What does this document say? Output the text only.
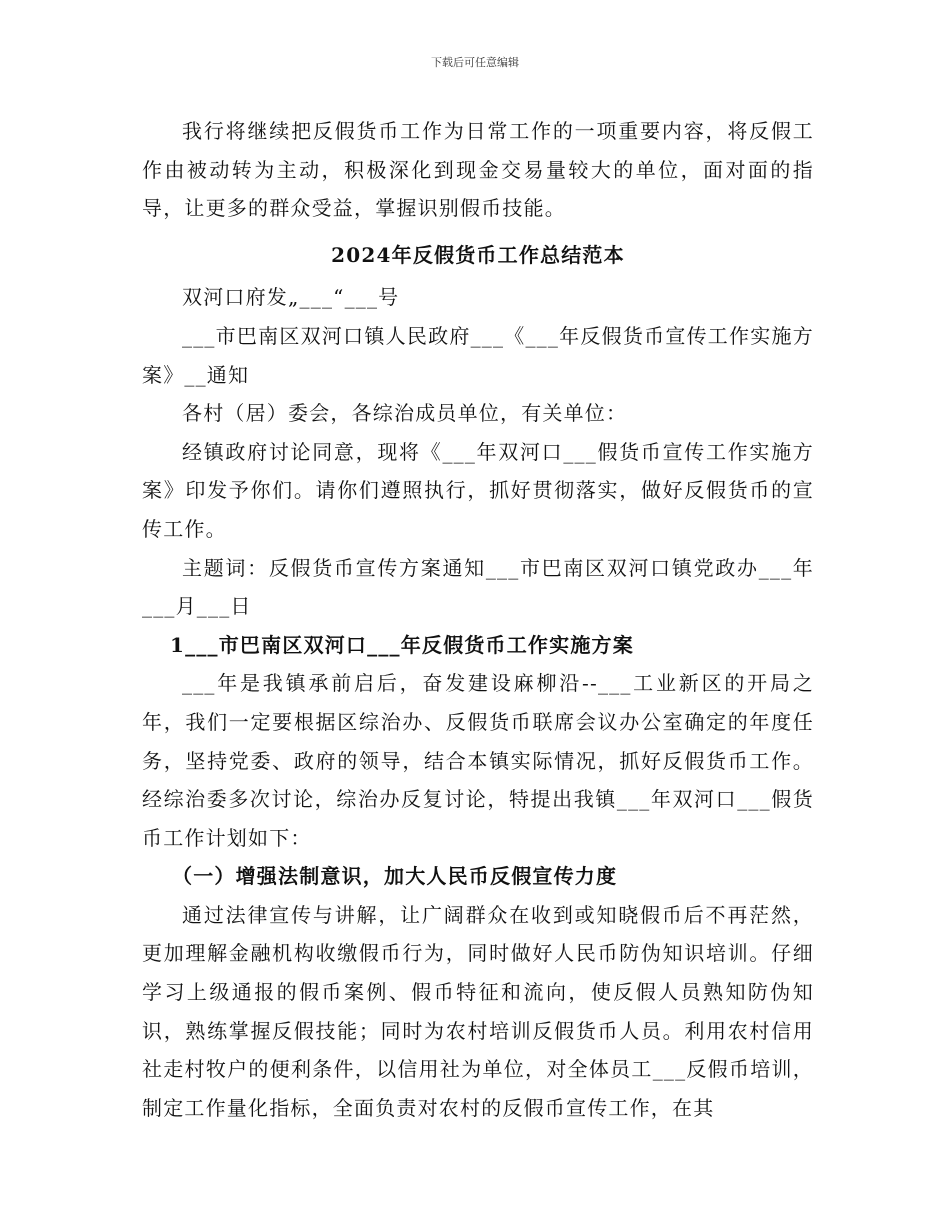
下载后可任意编辑

我行将继续把反假货币工作为日常工作的一项重要内容，将反假工作由被动转为主动，积极深化到现金交易量较大的单位，面对面的指导，让更多的群众受益，掌握识别假币技能。

2024年反假货币工作总结范本

双河口府发„___“___号

___市巴南区双河口镇人民政府___《___年反假货币宣传工作实施方案》__通知

各村（居）委会，各综治成员单位，有关单位：

经镇政府讨论同意，现将《___年双河口___假货币宣传工作实施方案》印发予你们。请你们遵照执行，抓好贯彻落实，做好反假货币的宣传工作。

主题词：反假货币宣传方案通知___市巴南区双河口镇党政办___年___月___日

1___市巴南区双河口___年反假货币工作实施方案

___年是我镇承前启后，奋发建设麻柳沿--___工业新区的开局之年，我们一定要根据区综治办、反假货币联席会议办公室确定的年度任务，坚持党委、政府的领导，结合本镇实际情况，抓好反假货币工作。经综治委多次讨论，综治办反复讨论，特提出我镇___年双河口___假货币工作计划如下：

（一）增强法制意识，加大人民币反假宣传力度

通过法律宣传与讲解，让广阔群众在收到或知晓假币后不再茫然，更加理解金融机构收缴假币行为，同时做好人民币防伪知识培训。仔细学习上级通报的假币案例、假币特征和流向，使反假人员熟知防伪知识，熟练掌握反假技能；同时为农村培训反假货币人员。利用农村信用社走村牧户的便利条件，以信用社为单位，对全体员工___反假币培训，制定工作量化指标，全面负责对农村的反假币宣传工作，在其
